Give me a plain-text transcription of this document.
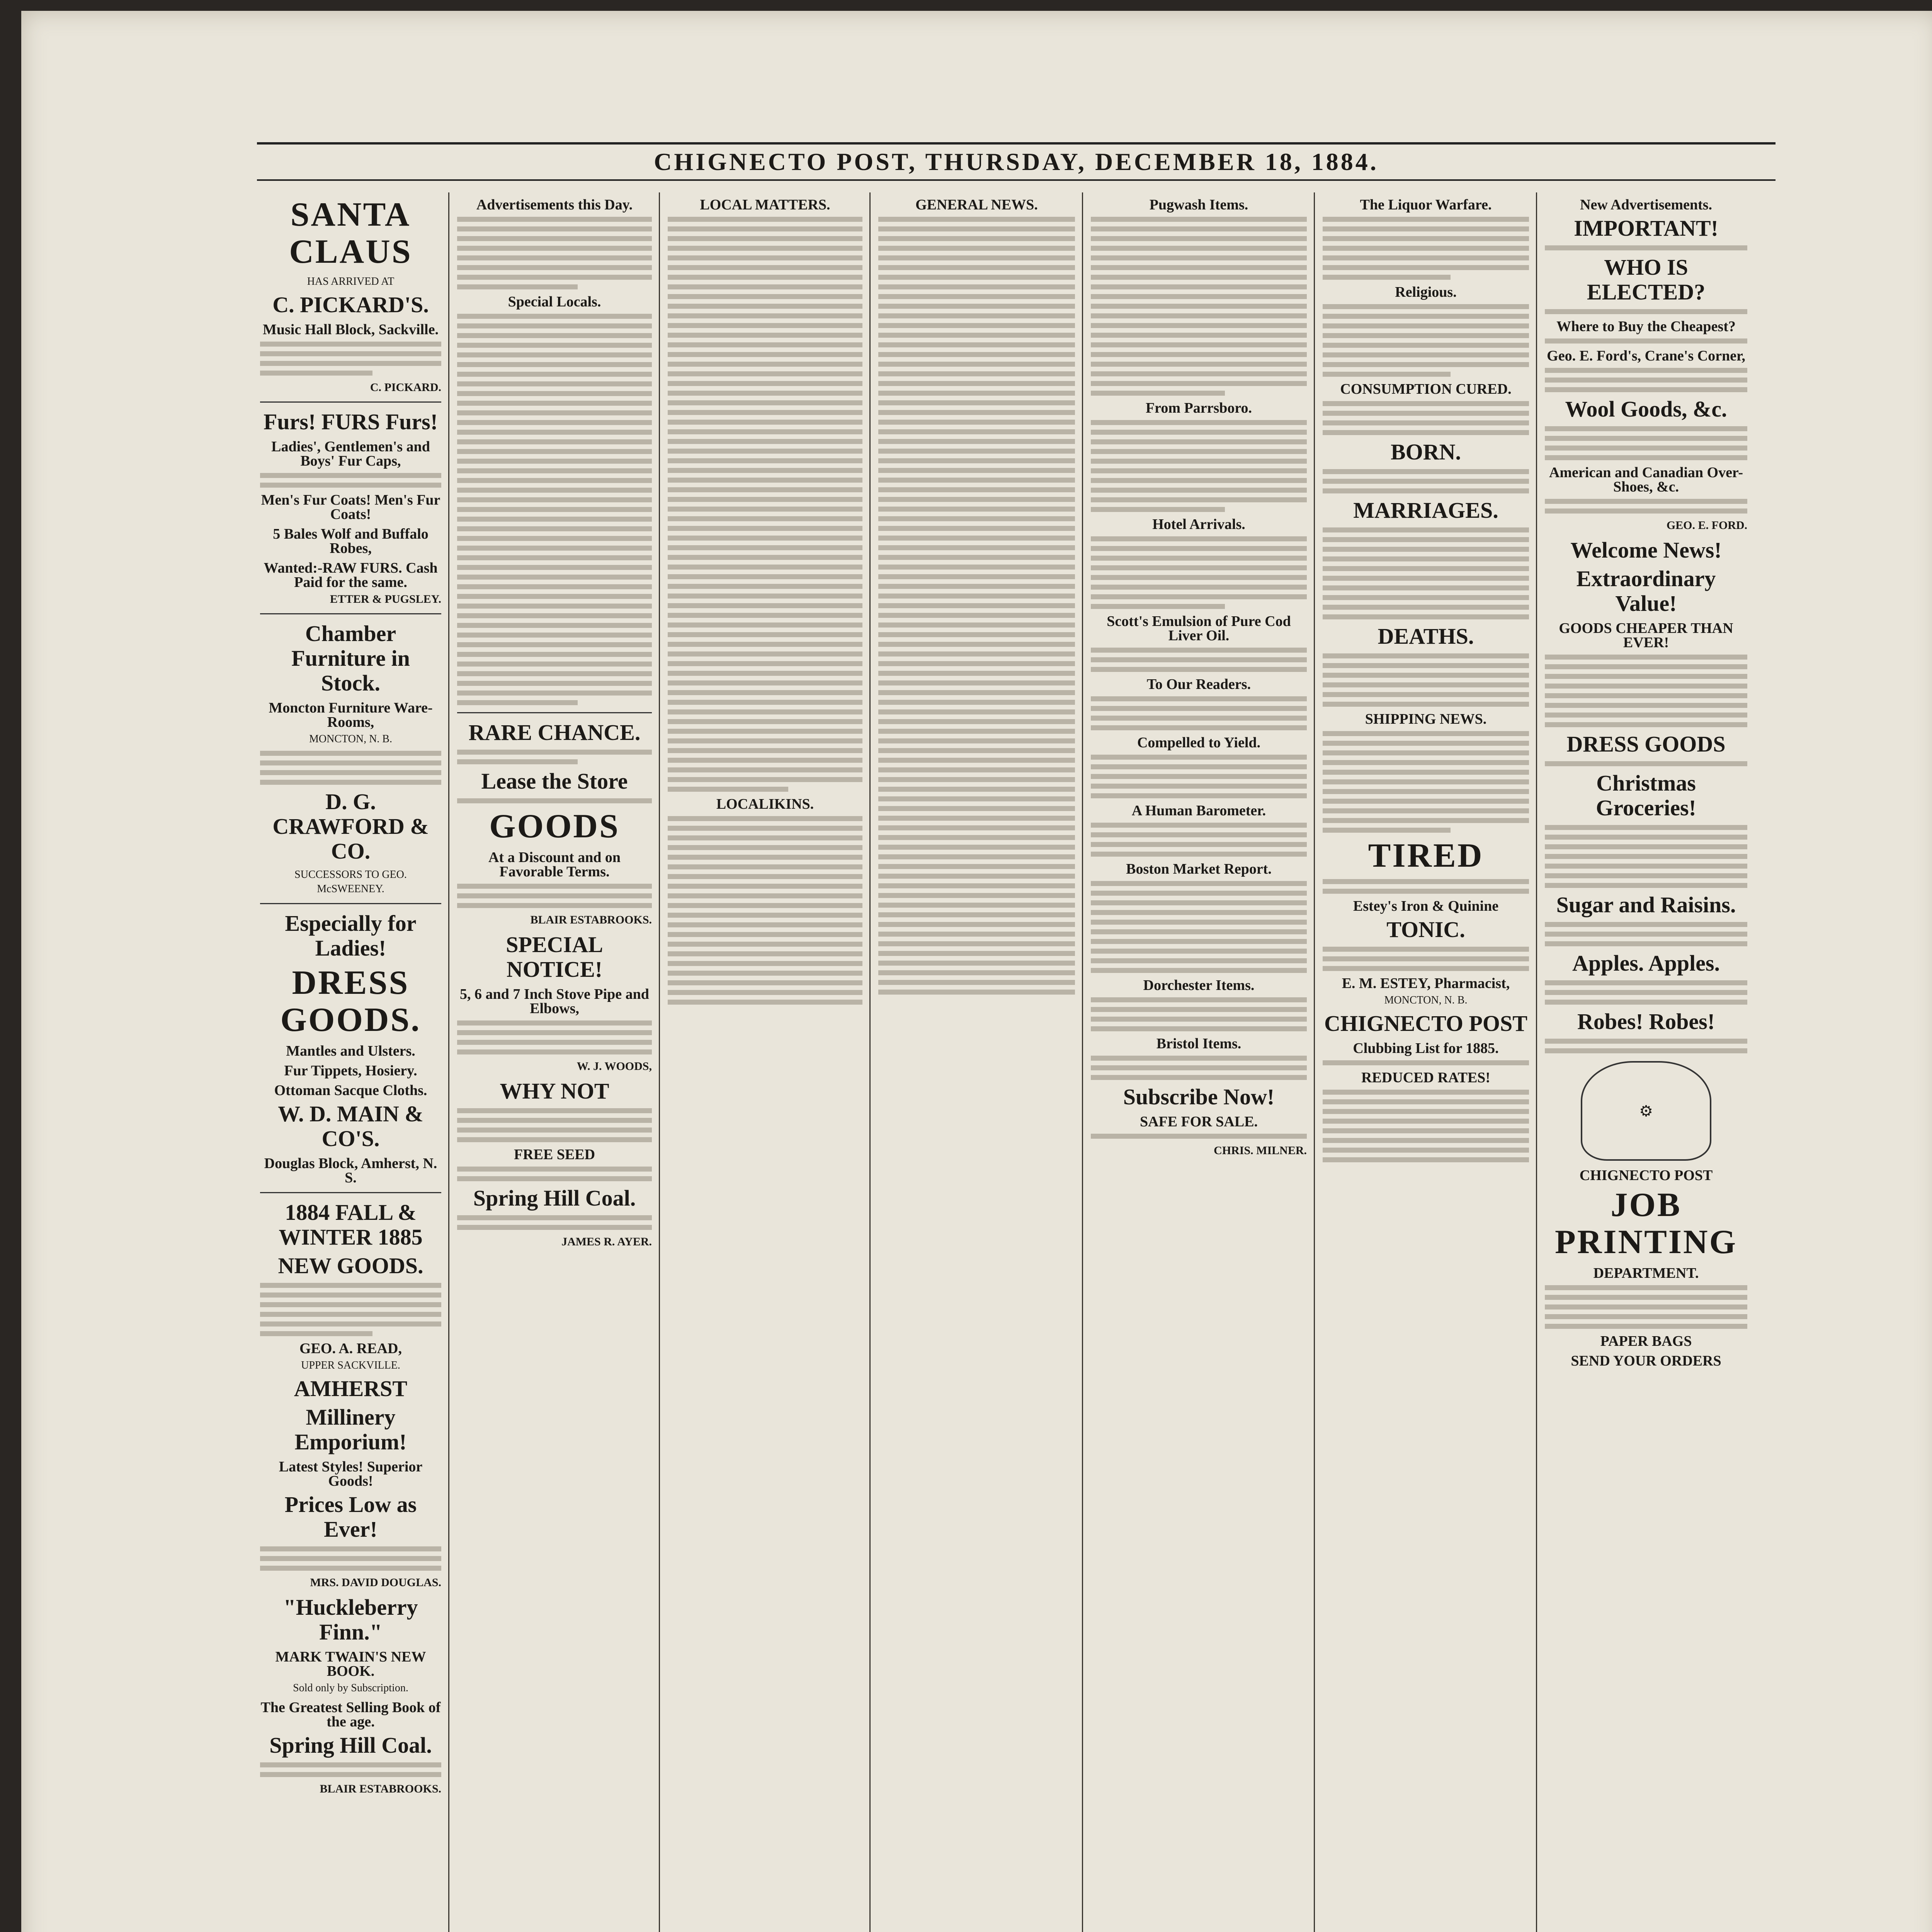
CHIGNECTO POST, THURSDAY, DECEMBER 18, 1884.
SANTA CLAUS
HAS ARRIVED AT
C. PICKARD'S.
Music Hall Block, Sackville.
C. PICKARD.
Furs! FURS Furs!
Ladies', Gentlemen's and Boys' Fur Caps,
Men's Fur Coats! Men's Fur Coats!
5 Bales Wolf and Buffalo Robes,
Wanted:-RAW FURS. Cash Paid for the same.
ETTER & PUGSLEY.
Chamber Furniture in Stock.
Moncton Furniture Ware-Rooms,
MONCTON, N. B.
D. G. CRAWFORD & CO.
SUCCESSORS TO GEO. McSWEENEY.
Especially for Ladies!
DRESS GOODS.
Mantles and Ulsters.
Fur Tippets, Hosiery.
Ottoman Sacque Cloths.
W. D. MAIN & CO'S.
Douglas Block, Amherst, N. S.
1884 FALL & WINTER 1885
NEW GOODS.
GEO. A. READ,
UPPER SACKVILLE.
AMHERST
Millinery Emporium!
Latest Styles! Superior Goods!
Prices Low as Ever!
MRS. DAVID DOUGLAS.
"Huckleberry Finn."
MARK TWAIN'S NEW BOOK.
Sold only by Subscription.
The Greatest Selling Book of the age.
Spring Hill Coal.
BLAIR ESTABROOKS.
Advertisements this Day.
Special Locals.
RARE CHANCE.
Lease the Store
GOODS
At a Discount and on Favorable Terms.
BLAIR ESTABROOKS.
SPECIAL NOTICE!
5, 6 and 7 Inch Stove Pipe and Elbows,
W. J. WOODS,
WHY NOT
FREE SEED
Spring Hill Coal.
JAMES R. AYER.
LOCAL MATTERS.
LOCALIKINS.
GENERAL NEWS.	Pugwash Items.
From Parrsboro.
Hotel Arrivals.
Scott's Emulsion of Pure Cod Liver Oil.
To Our Readers.
Compelled to Yield.
A Human Barometer.
Boston Market Report.
Dorchester Items.
Bristol Items.
Subscribe Now!
SAFE FOR SALE.
CHRIS. MILNER.
The Liquor Warfare.
Religious.
CONSUMPTION CURED.
BORN.
MARRIAGES.
DEATHS.
SHIPPING NEWS.
TIRED
Estey's Iron & Quinine
TONIC.
E. M. ESTEY, Pharmacist,
MONCTON, N. B.
CHIGNECTO POST
Clubbing List for 1885.
REDUCED RATES!
New Advertisements.
IMPORTANT!
WHO IS ELECTED?
Where to Buy the Cheapest?
Geo. E. Ford's, Crane's Corner,
Wool Goods, &c.
American and Canadian Over-Shoes, &c.
GEO. E. FORD.
Welcome News!
Extraordinary Value!
GOODS CHEAPER THAN EVER!
DRESS GOODS
Christmas Groceries!
Sugar and Raisins.
Apples. Apples.
Robes! Robes!
⚙
CHIGNECTO POST
JOB PRINTING
DEPARTMENT.
PAPER BAGS
SEND YOUR ORDERS
